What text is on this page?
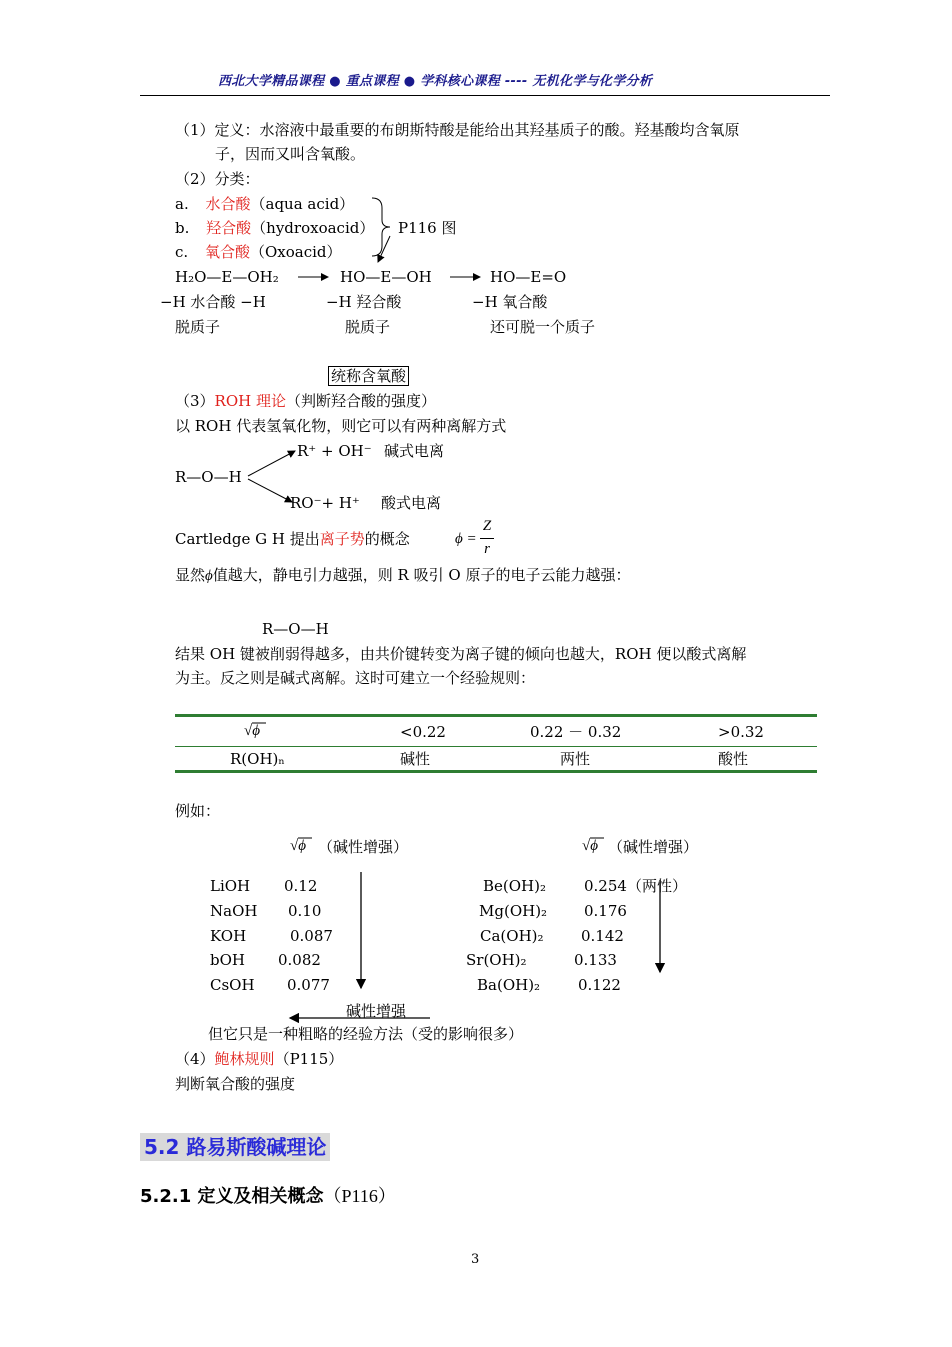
西北大学精品课程 ● 重点课程 ● 学科核心课程 ---- 无机化学与化学分析
（1）定义：水溶液中最重要的布朗斯特酸是能给出其羟基质子的酸。羟基酸均含氧原
子，因而又叫含氧酸。
（2）分类：
a. 水合酸（aqua acid）
b. 羟合酸（hydroxoacid）
c. 氧合酸（Oxoacid）
P116 图
H₂O—E—OH₂	HO—E—OH	HO—E=O
−H 水合酸 −H	−H 羟合酸	−H 氧合酸
脱质子	脱质子	还可脱一个质子
统称含氧酸
（3）ROH 理论（判断羟合酸的强度）
以 ROH 代表氢氧化物，则它可以有两种离解方式
R⁺ + OH⁻ 碱式电离
R—O—H
RO⁻+ H⁺ 酸式电离
Cartledge G H 提出离子势的概念	ϕ =
Z
r
显然ϕ值越大，静电引力越强，则 R 吸引 O 原子的电子云能力越强：
R—O—H
结果 OH 键被削弱得越多，由共价键转变为离子键的倾向也越大，ROH 便以酸式离解
为主。反之则是碱式离解。这时可建立一个经验规则：
√ϕ	<0.22	0.22 － 0.32	>0.32
R(OH)ₙ	碱性	两性	酸性
例如：
√ϕ （碱性增强）	√ϕ （碱性增强）
LiOH 0.12
NaOH 0.10
KOH	0.087
bOH 0.082
CsOH 0.077
Be(OH)₂	0.254（两性）
Mg(OH)₂ 0.176
Ca(OH)₂ 0.142
Sr(OH)₂	0.133
Ba(OH)₂	0.122
碱性增强
但它只是一种粗略的经验方法（受的影响很多）
（4）鲍林规则（P115）
判断氧合酸的强度
5.2 路易斯酸碱理论
5.2.1 定义及相关概念（P116）
3
